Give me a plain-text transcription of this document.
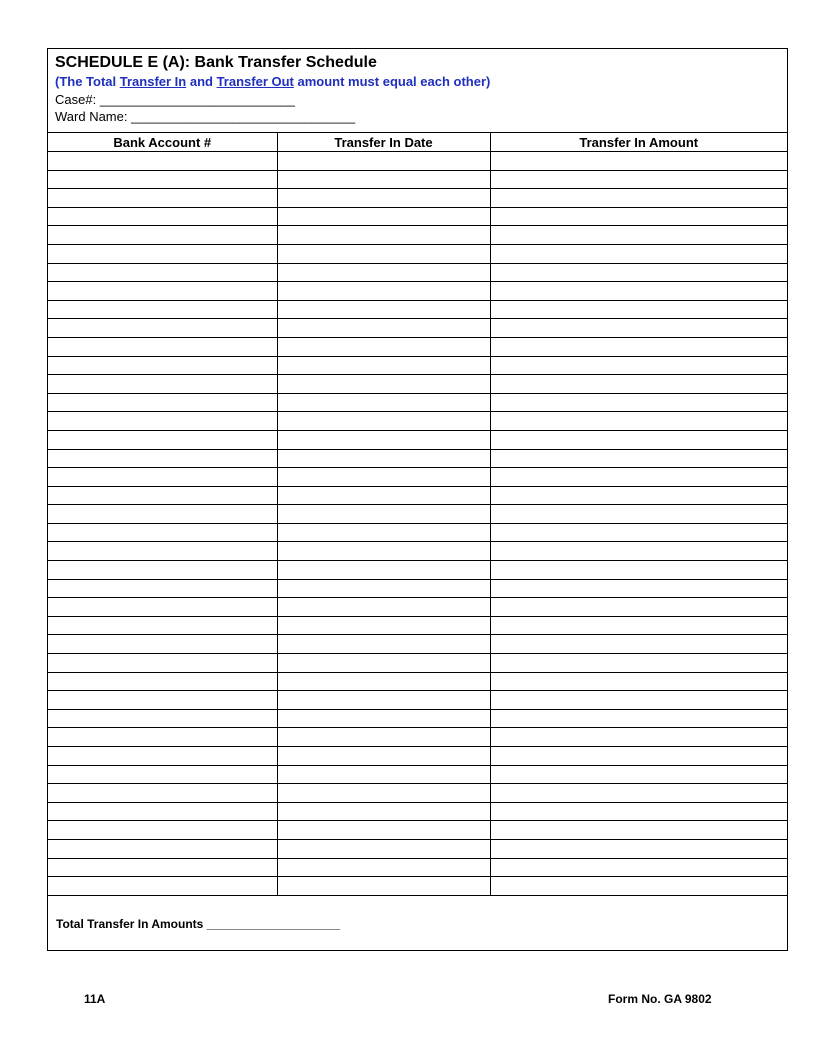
SCHEDULE E (A): Bank Transfer Schedule
(The Total Transfer In and Transfer Out amount must equal each other)
Case#: ___________________________
Ward Name: _______________________________
Bank Account #	Transfer In Date	Transfer In Amount

Total Transfer In Amounts ____________________
11A	Form No. GA 9802
